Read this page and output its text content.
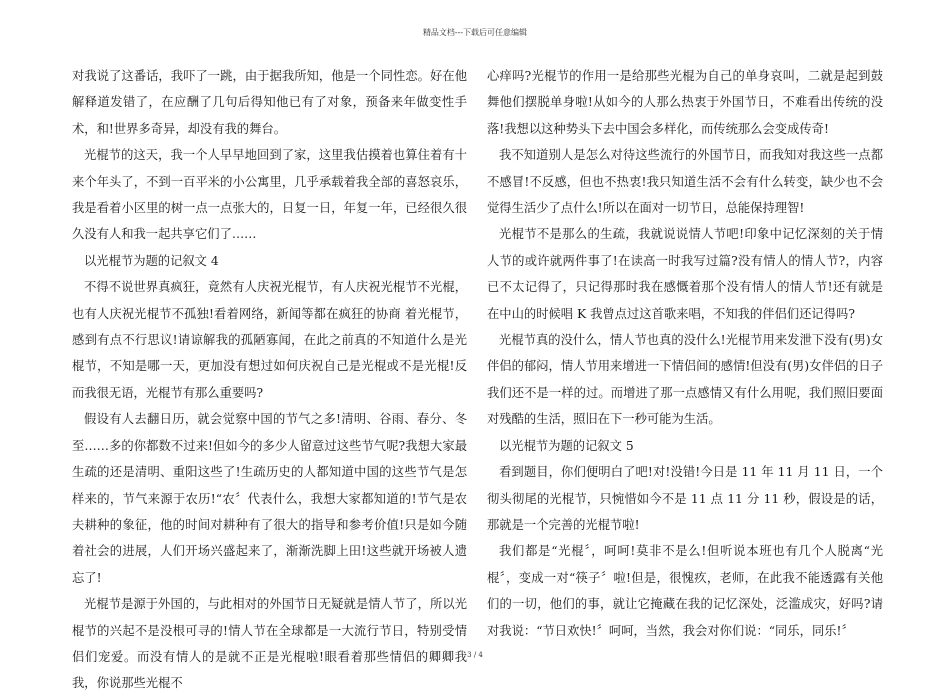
精品文档---下载后可任意编辑

对我说了这番话，我吓了一跳，由于据我所知，他是一个同性恋。好在他解释道发错了，在应酬了几句后得知他已有了对象，预备来年做变性手术，和!世界多奇异，却没有我的舞台。

光棍节的这天，我一个人早早地回到了家，这里我估摸着也算住着有十来个年头了，不到一百平米的小公寓里，几乎承载着我全部的喜怒哀乐，我是看着小区里的树一点一点张大的，日复一日，年复一年，已经很久很久没有人和我一起共享它们了……

以光棍节为题的记叙文 4

不得不说世界真疯狂，竟然有人庆祝光棍节，有人庆祝光棍节不光棍，也有人庆祝光棍节不孤独!看着网络，新闻等都在疯狂的协商 着光棍节，感到有点不行思议!请谅解我的孤陋寡闻，在此之前真的不知道什么是光棍节，不知是哪一天，更加没有想过如何庆祝自己是光棍或不是光棍!反而我很无语，光棍节有那么重要吗?

假设有人去翻日历，就会觉察中国的节气之多!清明、谷雨、春分、冬至……多的你都数不过来!但如今的多少人留意过这些节气呢?我想大家最生疏的还是清明、重阳这些了!生疏历史的人都知道中国的这些节气是怎样来的，节气来源于农历!“农〞代表什么，我想大家都知道的!节气是农夫耕种的象征，他的时间对耕种有了很大的指导和参考价值!只是如今随着社会的进展，人们开场兴盛起来了，渐渐洗脚上田!这些就开场被人遗忘了!

光棍节是源于外国的，与此相对的外国节日无疑就是情人节了，所以光棍节的兴起不是没根可寻的!情人节在全球都是一大流行节日，特别受情侣们宠爱。而没有情人的是就不正是光棍啦!眼看着那些情侣的卿卿我我，你说那些光棍不

心痒吗?光棍节的作用一是给那些光棍为自己的单身哀叫，二就是起到鼓舞他们摆脱单身啦!从如今的人那么热衷于外国节日，不难看出传统的没落!我想以这种势头下去中国会多样化，而传统那么会变成传奇!

我不知道别人是怎么对待这些流行的外国节日，而我知对我这些一点都不感冒!不反感，但也不热衷!我只知道生活不会有什么转变，缺少也不会觉得生活少了点什么!所以在面对一切节日，总能保持理智!

光棍节不是那么的生疏，我就说说情人节吧!印象中记忆深刻的关于情人节的或许就两件事了!在读高一时我写过篇?没有情人的情人节?，内容已不太记得了，只记得那时我在感慨着那个没有情人的情人节!还有就是在中山的时候唱 K 我曾点过这首歌来唱，不知我的伴侣们还记得吗?

光棍节真的没什么，情人节也真的没什么!光棍节用来发泄下没有(男)女伴侣的郁闷，情人节用来增进一下情侣间的感情!但没有(男)女伴侣的日子我们还不是一样的过。而增进了那一点感情又有什么用呢，我们照旧要面对残酷的生活，照旧在下一秒可能为生活。

以光棍节为题的记叙文 5

看到题目，你们便明白了吧!对!没错!今日是 11 年 11 月 11 日，一个彻头彻尾的光棍节，只惋惜如今不是 11 点 11 分 11 秒，假设是的话，那就是一个完善的光棍节啦!

我们都是“光棍〞，呵呵!莫非不是么!但听说本班也有几个人脱离“光棍〞，变成一对“筷子〞啦!但是，很愧疚，老师，在此我不能透露有关他们的一切，他们的事，就让它掩藏在我的记忆深处，泛滥成灾，好吗?请对我说：“节日欢快!〞呵呵，当然，我会对你们说：“同乐，同乐!〞

3 / 4
